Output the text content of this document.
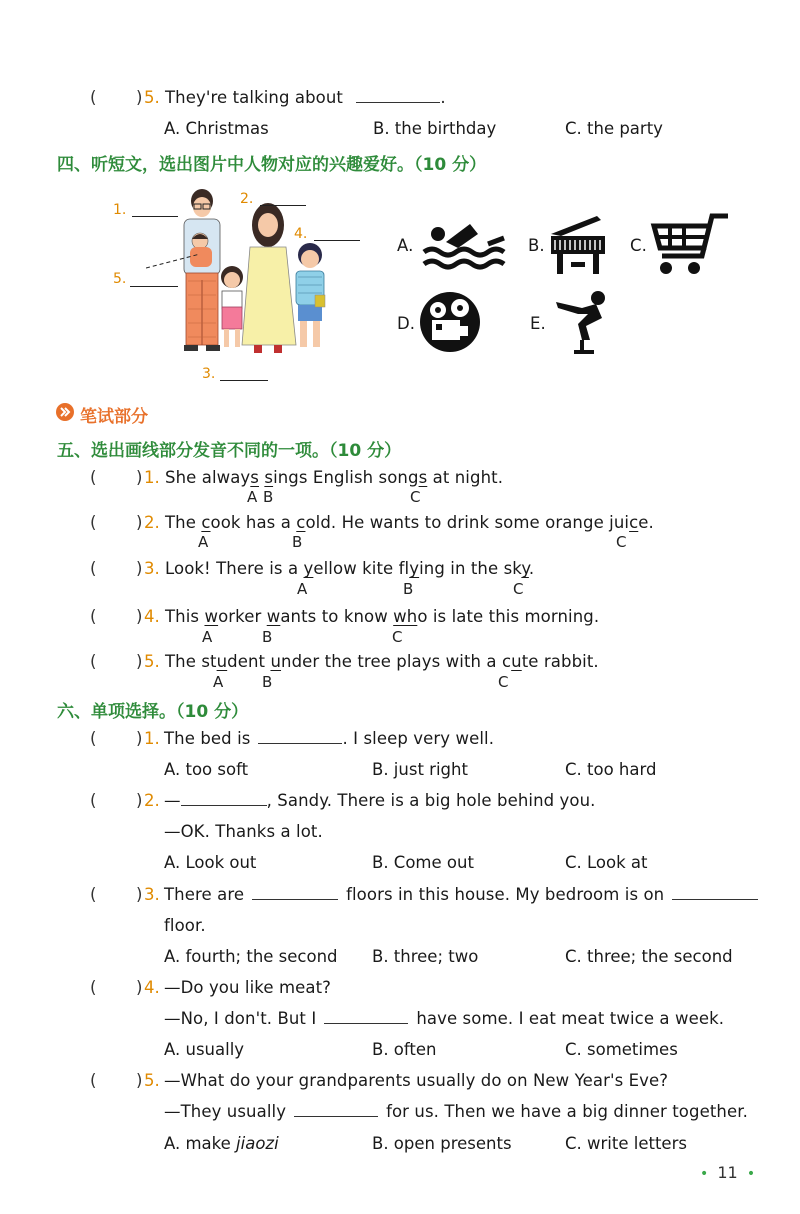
( ) 5. They're talking about	.
A. Christmas	B. the birthday	C. the party
四、听短文，选出图片中人物对应的兴趣爱好。（10 分）
1.
2.
4.
5.
3.
A.	B.	C.
D.	E.
笔试部分
五、选出画线部分发音不同的一项。（10 分）
( ) 1. She always sings English songs at night.
A B	C
( ) 2. The cook has a cold. He wants to drink some orange juice.
A	B	C
( ) 3. Look! There is a yellow kite flying in the sky.
A	B	C
( ) 4. This worker wants to know who is late this morning.
A	B	C
( ) 5. The student under the tree plays with a cute rabbit.
A	B	C
六、单项选择。（10 分）
( ) 1. The bed is	. I sleep very well.
A. too soft	B. just right	C. too hard
( ) 2. —	, Sandy. There is a big hole behind you.
—OK. Thanks a lot.
A. Look out	B. Come out	C. Look at
( ) 3. There are	floors in this house. My bedroom is on
floor.
A. fourth; the second B. three; two	C. three; the second
( ) 4. —Do you like meat?
—No, I don't. But I	have some. I eat meat twice a week.
A. usually	B. often	C. sometimes
( ) 5. —What do your grandparents usually do on New Year's Eve?
—They usually	for us. Then we have a big dinner together.
A. make jiaozi	B. open presents	C. write letters
• 11 •
